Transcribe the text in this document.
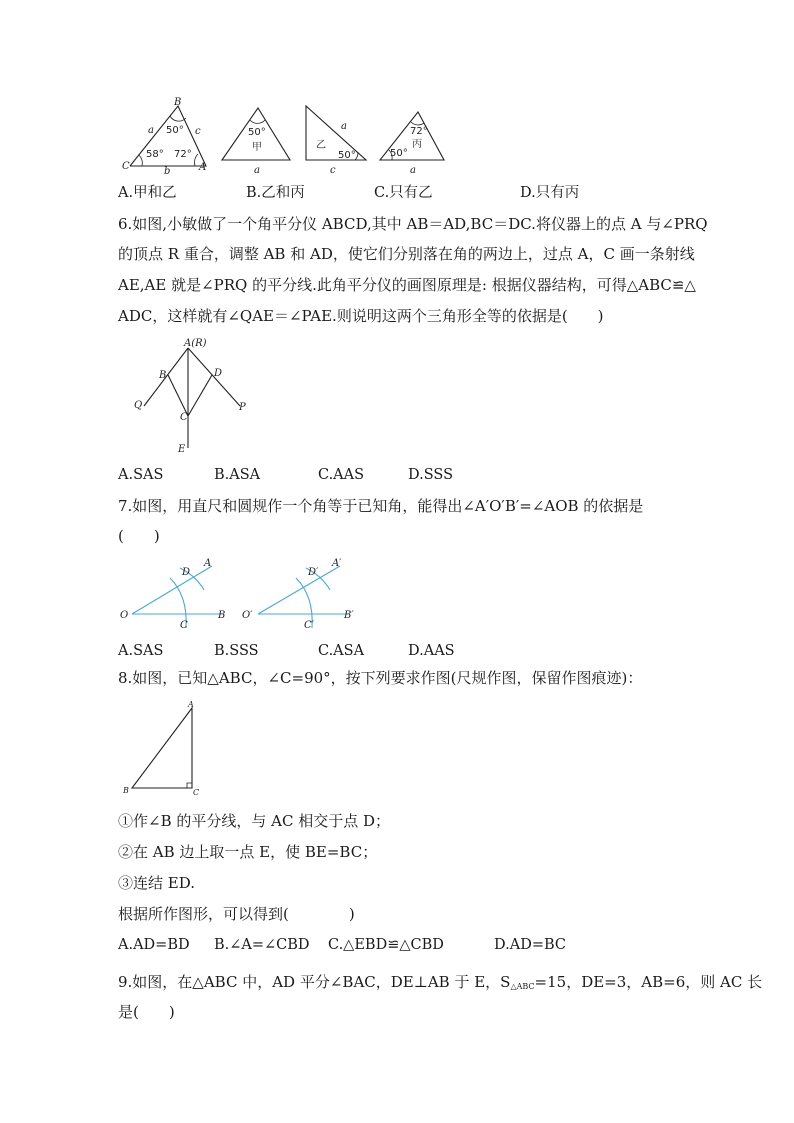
B
C	A
a
b
c
50°
58° 72°
50°
甲
a
乙
50°
a
c
72°
丙
50°
a
A.甲和乙	B.乙和丙	C.只有乙	D.只有丙
6.如图,小敏做了一个角平分仪 ABCD,其中 AB＝AD,BC＝DC.将仪器上的点 A 与∠PRQ
的顶点 R 重合，调整 AB 和 AD，使它们分别落在角的两边上，过点 A，C 画一条射线
AE,AE 就是∠PRQ 的平分线.此角平分仪的画图原理是: 根据仪器结构，可得△ABC≌△
ADC，这样就有∠QAE＝∠PAE.则说明这两个三角形全等的依据是(　　)
A(R)
B	D
Q
C
P
E
A.SAS	B.ASA	C.AAS	D.SSS
7.如图，用直尺和圆规作一个角等于已知角，能得出∠A′O′B′=∠AOB 的依据是
(　　)
O
A
B
C
D
O′
A′
B′
C′
D′
A.SAS	B.SSS	C.ASA	D.AAS
8.如图，已知△ABC，∠C=90°，按下列要求作图(尺规作图，保留作图痕迹)：
A
B	C
①作∠B 的平分线，与 AC 相交于点 D；
②在 AB 边上取一点 E，使 BE=BC；
③连结 ED.
根据所作图形，可以得到(　　　　)
A.AD=BD B.∠A=∠CBD C.△EBD≌△CBD	D.AD=BC
9.如图，在△ABC 中，AD 平分∠BAC，DE⊥AB 于 E，$S_{\triangle ABC}=15$，DE=3，AB=6，则 AC 长
是(　　)
